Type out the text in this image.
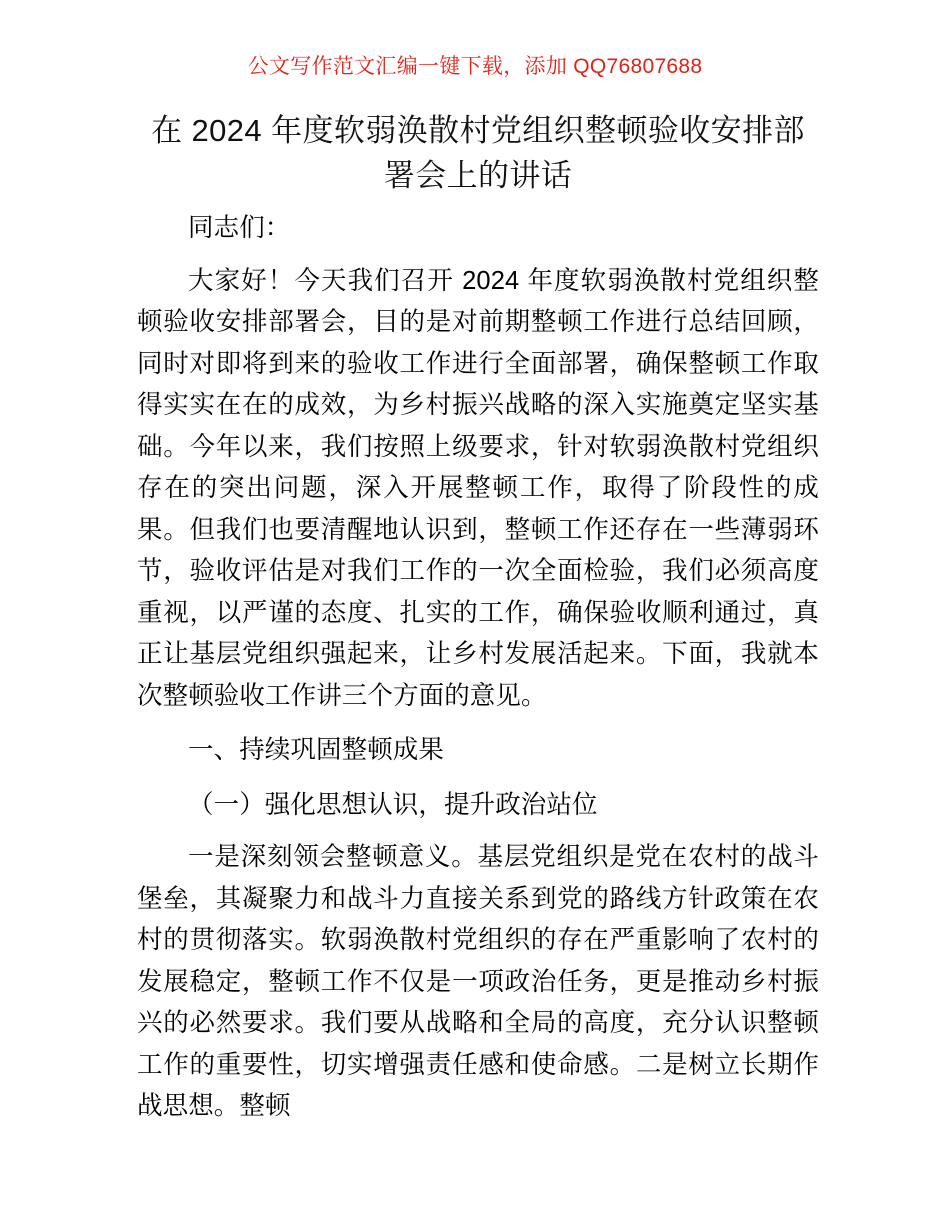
公文写作范文汇编一键下载，添加 QQ76807688
在 2024 年度软弱涣散村党组织整顿验收安排部署会上的讲话

同志们：

大家好！今天我们召开 2024 年度软弱涣散村党组织整顿验收安排部署会，目的是对前期整顿工作进行总结回顾，同时对即将到来的验收工作进行全面部署，确保整顿工作取得实实在在的成效，为乡村振兴战略的深入实施奠定坚实基础。今年以来，我们按照上级要求，针对软弱涣散村党组织存在的突出问题，深入开展整顿工作，取得了阶段性的成果。但我们也要清醒地认识到，整顿工作还存在一些薄弱环节，验收评估是对我们工作的一次全面检验，我们必须高度重视，以严谨的态度、扎实的工作，确保验收顺利通过，真正让基层党组织强起来，让乡村发展活起来。下面，我就本次整顿验收工作讲三个方面的意见。

一、持续巩固整顿成果

（一）强化思想认识，提升政治站位

一是深刻领会整顿意义。基层党组织是党在农村的战斗堡垒，其凝聚力和战斗力直接关系到党的路线方针政策在农村的贯彻落实。软弱涣散村党组织的存在严重影响了农村的发展稳定，整顿工作不仅是一项政治任务，更是推动乡村振兴的必然要求。我们要从战略和全局的高度，充分认识整顿工作的重要性，切实增强责任感和使命感。二是树立长期作战思想。整顿
